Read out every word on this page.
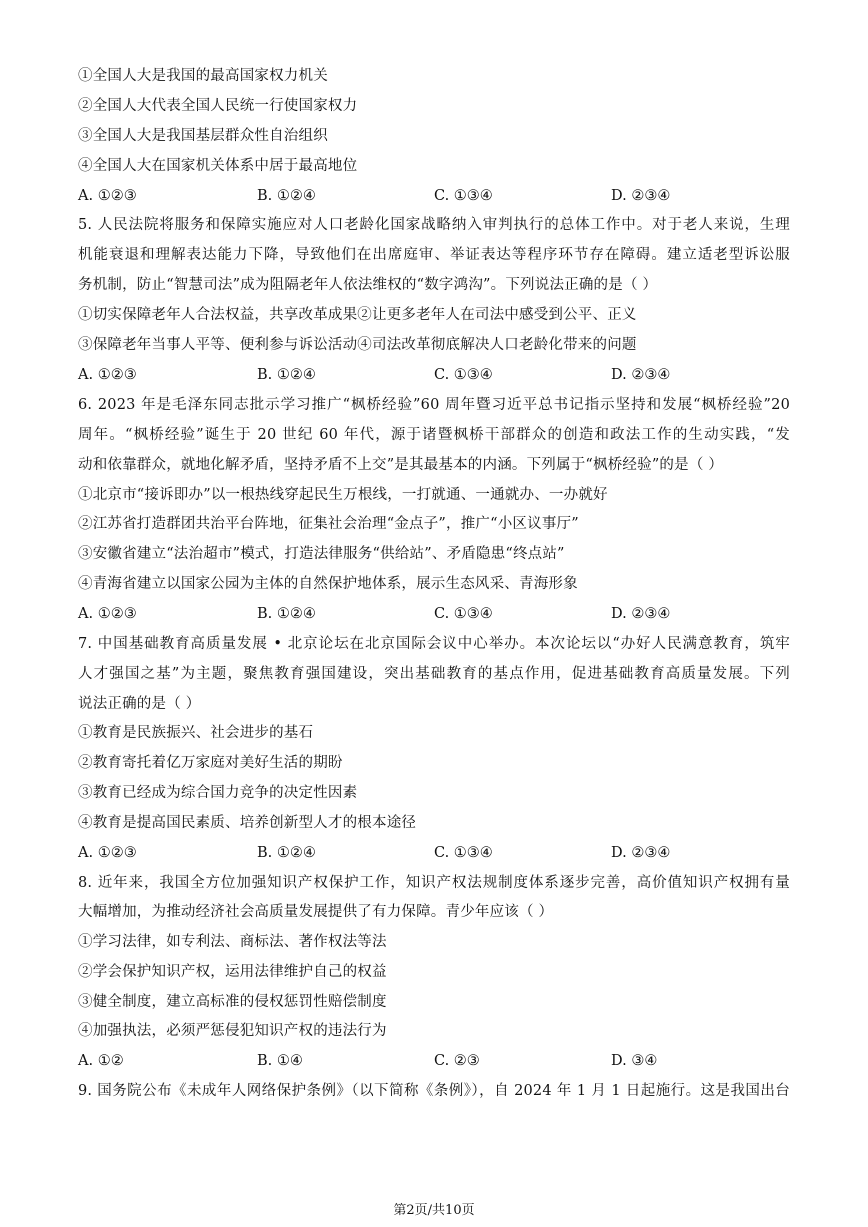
①全国人大是我国的最高国家权力机关
②全国人大代表全国人民统一行使国家权力
③全国人大是我国基层群众性自治组织
④全国人大在国家机关体系中居于最高地位
A. ①②③	B. ①②④	C. ①③④	D. ②③④
5. 人民法院将服务和保障实施应对人口老龄化国家战略纳入审判执行的总体工作中。对于老人来说，生理
机能衰退和理解表达能力下降，导致他们在出席庭审、举证表达等程序环节存在障碍。建立适老型诉讼服
务机制，防止“智慧司法”成为阻隔老年人依法维权的“数字鸿沟”。下列说法正确的是（ ）
①切实保障老年人合法权益，共享改革成果②让更多老年人在司法中感受到公平、正义
③保障老年当事人平等、便利参与诉讼活动④司法改革彻底解决人口老龄化带来的问题
A. ①②③	B. ①②④	C. ①③④	D. ②③④
6. 2023 年是毛泽东同志批示学习推广“枫桥经验”60 周年暨习近平总书记指示坚持和发展“枫桥经验”20
周年。“枫桥经验”诞生于 20 世纪 60 年代，源于诸暨枫桥干部群众的创造和政法工作的生动实践，“发
动和依靠群众，就地化解矛盾，坚持矛盾不上交”是其最基本的内涵。下列属于“枫桥经验”的是（ ）
①北京市“接诉即办”以一根热线穿起民生万根线，一打就通、一通就办、一办就好
②江苏省打造群团共治平台阵地，征集社会治理“金点子”，推广“小区议事厅”
③安徽省建立“法治超市”模式，打造法律服务“供给站”、矛盾隐患“终点站”
④青海省建立以国家公园为主体的自然保护地体系，展示生态风采、青海形象
A. ①②③	B. ①②④	C. ①③④	D. ②③④
7. 中国基础教育高质量发展 • 北京论坛在北京国际会议中心举办。本次论坛以“办好人民满意教育，筑牢
人才强国之基”为主题，聚焦教育强国建设，突出基础教育的基点作用，促进基础教育高质量发展。下列
说法正确的是（ ）
①教育是民族振兴、社会进步的基石
②教育寄托着亿万家庭对美好生活的期盼
③教育已经成为综合国力竞争的决定性因素
④教育是提高国民素质、培养创新型人才的根本途径
A. ①②③	B. ①②④	C. ①③④	D. ②③④
8. 近年来，我国全方位加强知识产权保护工作，知识产权法规制度体系逐步完善，高价值知识产权拥有量
大幅增加，为推动经济社会高质量发展提供了有力保障。青少年应该（ ）
①学习法律，如专利法、商标法、著作权法等法
②学会保护知识产权，运用法律维护自己的权益
③健全制度，建立高标准的侵权惩罚性赔偿制度
④加强执法，必须严惩侵犯知识产权的违法行为
A. ①②	B. ①④	C. ②③	D. ③④
9. 国务院公布《未成年人网络保护条例》（以下简称《条例》），自 2024 年 1 月 1 日起施行。这是我国出台
第2页/共10页
